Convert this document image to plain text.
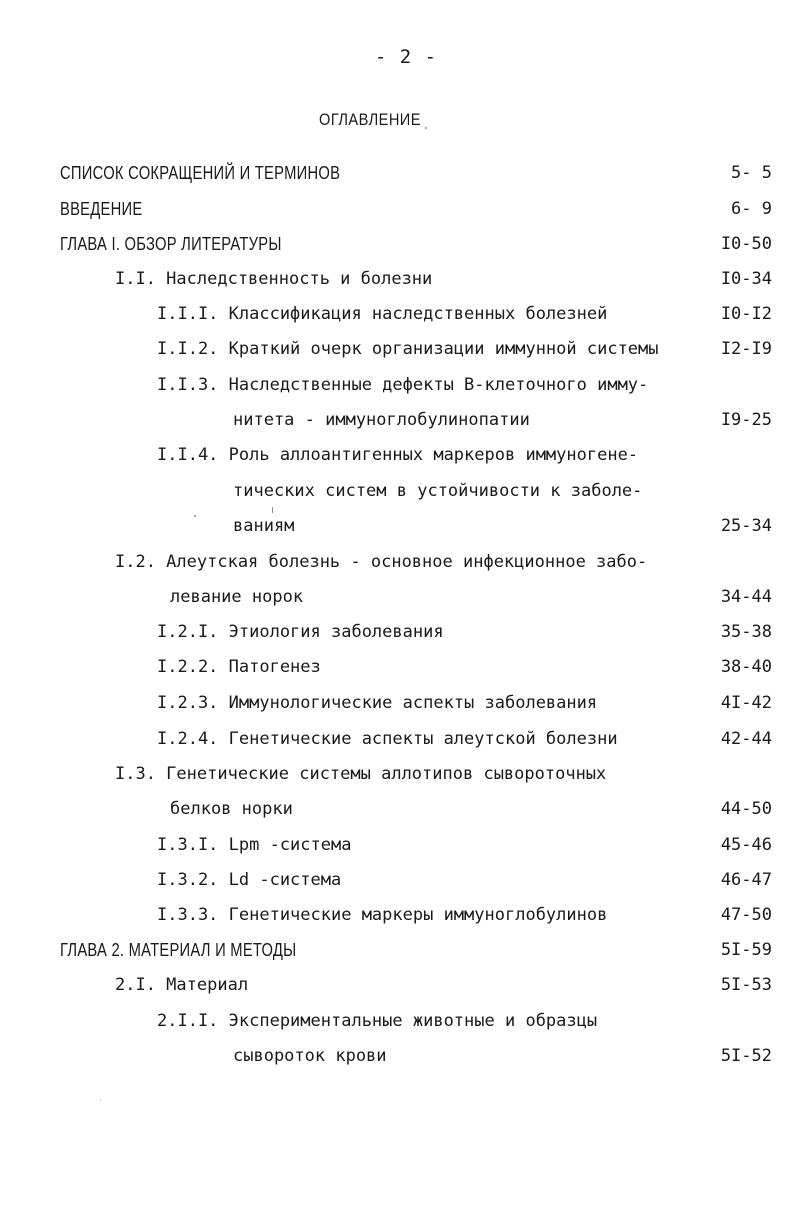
- 2 -
ОГЛАВЛЕНИЕ
СПИСОК СОКРАЩЕНИЙ И ТЕРМИНОВ	5- 5
ВВЕДЕНИЕ	6- 9
ГЛАВА I. ОБЗОР ЛИТЕРАТУРЫ	I0-50
I.I. Наследственность и болезни	I0-34
I.I.I. Классификация наследственных болезней	I0-I2
I.I.2. Краткий очерк организации иммунной системы	I2-I9
I.I.3. Наследственные дефекты В-клеточного имму-
нитета - иммуноглобулинопатии	I9-25
I.I.4. Роль аллоантигенных маркеров иммуногене-
тических систем в устойчивости к заболе-
ваниям	25-34
I.2. Алеутская болезнь - основное инфекционное забо-
левание норок	34-44
I.2.I. Этиология заболевания	35-38
I.2.2. Патогенез	38-40
I.2.3. Иммунологические аспекты заболевания	4I-42
I.2.4. Генетические аспекты алеутской болезни	42-44
I.3. Генетические системы аллотипов сывороточных
белков норки	44-50
I.3.I. Lpm -система	45-46
I.3.2. Ld -система	46-47
I.3.3. Генетические маркеры иммуноглобулинов	47-50
ГЛАВА 2. МАТЕРИАЛ И МЕТОДЫ	5I-59
2.I. Материал	5I-53
2.I.I. Экспериментальные животные и образцы
сывороток крови	5I-52
